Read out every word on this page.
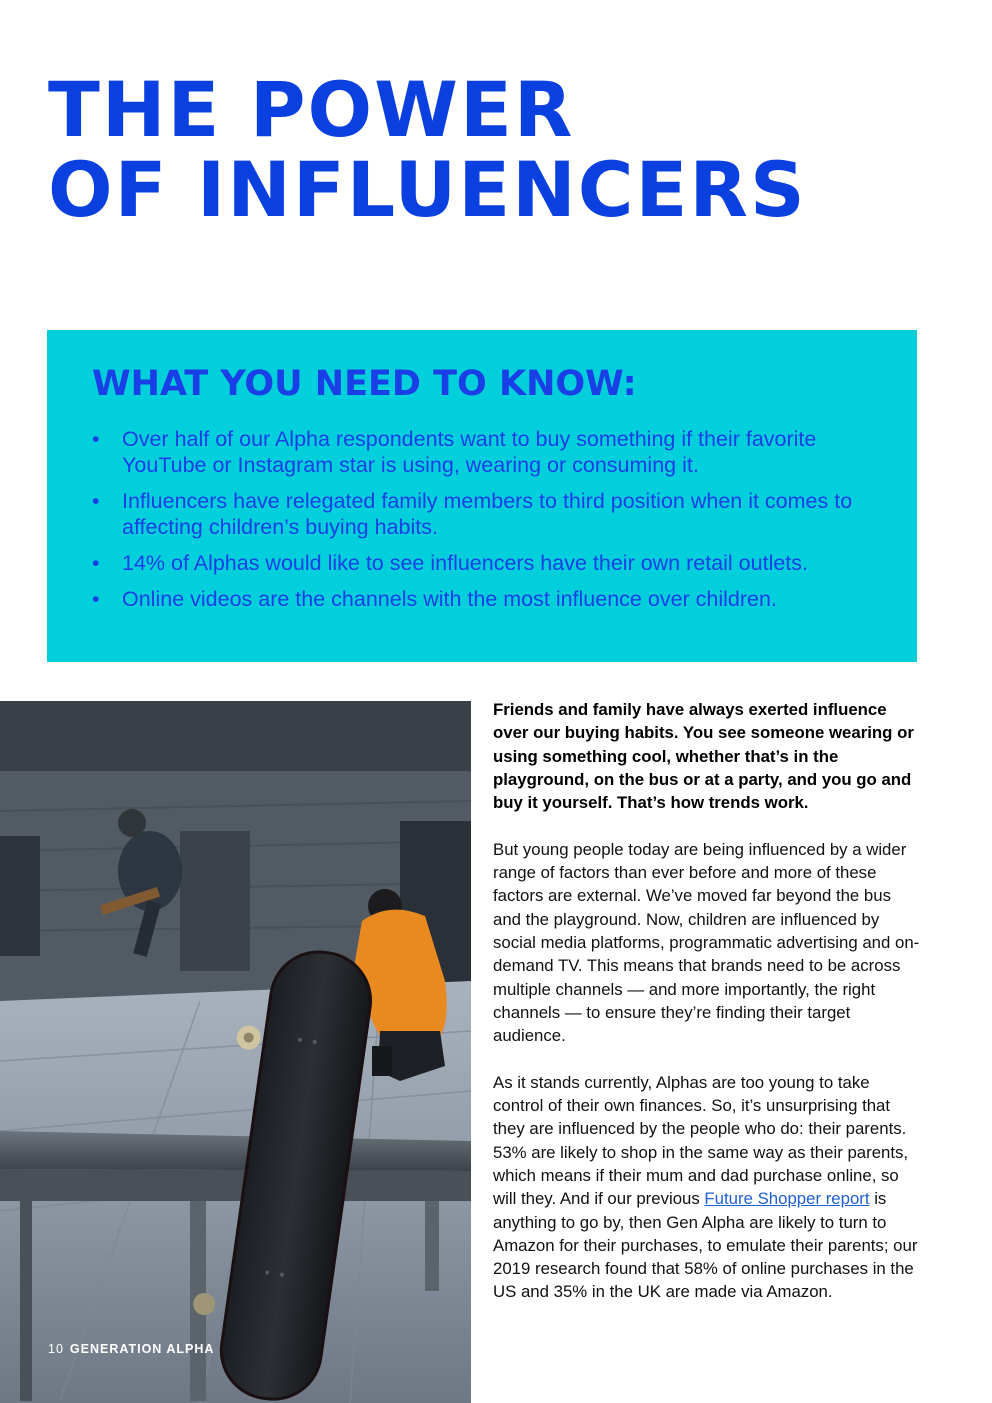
THE POWER
OF INFLUENCERS
WHAT YOU NEED TO KNOW:
•	Over half of our Alpha respondents want to buy something if their favorite YouTube or Instagram star is using, wearing or consuming it.
•	Influencers have relegated family members to third position when it comes to affecting children’s buying habits.
•	14% of Alphas would like to see influencers have their own retail outlets.
•	Online videos are the channels with the most influence over children.
10 GENERATION ALPHA

Friends and family have always exerted influence over our buying habits. You see someone wearing or using something cool, whether that’s in the playground, on the bus or at a party, and you go and buy it yourself. That’s how trends work.

But young people today are being influenced by a wider range of factors than ever before and more of these factors are external. We’ve moved far beyond the bus and the playground. Now, children are influenced by social media platforms, programmatic advertising and on-demand TV. This means that brands need to be across multiple channels — and more importantly, the right channels — to ensure they’re finding their target audience.

As it stands currently, Alphas are too young to take control of their own finances. So, it’s unsurprising that they are influenced by the people who do: their parents. 53% are likely to shop in the same way as their parents, which means if their mum and dad purchase online, so will they. And if our previous Future Shopper report is anything to go by, then Gen Alpha are likely to turn to Amazon for their purchases, to emulate their parents; our 2019 research found that 58% of online purchases in the US and 35% in the UK are made via Amazon.
